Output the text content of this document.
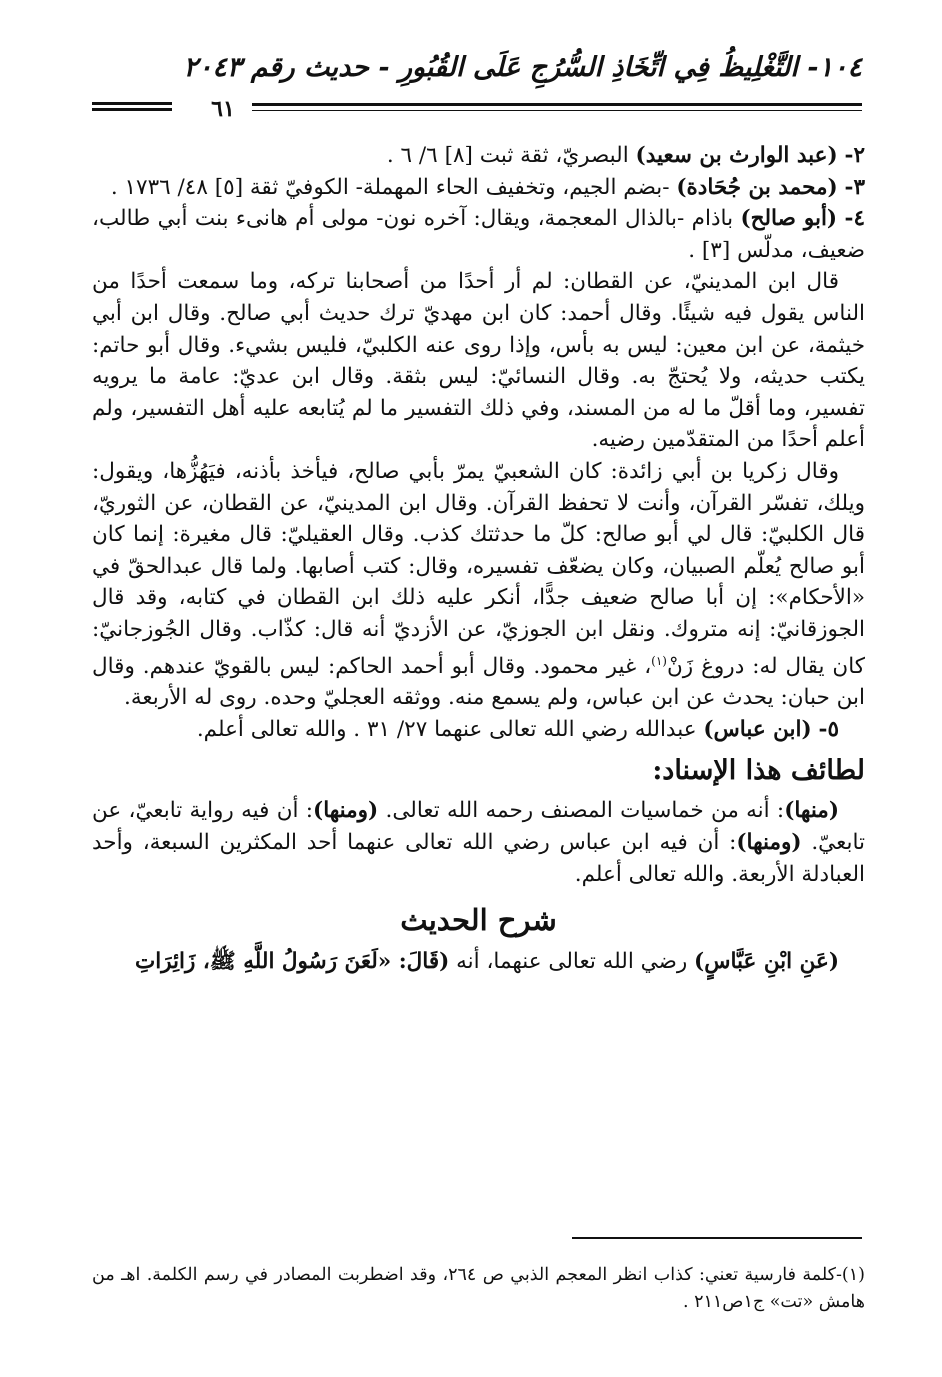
١٠٤- التَّغْلِيظُ فِي اتِّخَاذِ السُّرُجِ عَلَى القُبُورِ - حديث رقم ٢٠٤٣
٦١

٢- (عبد الوارث بن سعيد) البصريّ، ثقة ثبت [٨] ٦/ ٦ .

٣- (محمد بن جُحَادة) -بضم الجيم، وتخفيف الحاء المهملة- الكوفيّ ثقة [٥] ٤٨/ ١٧٣٦ .

٤- (أبو صالح) باذام -بالذال المعجمة، ويقال: آخره نون- مولى أم هانىء بنت أبي طالب، ضعيف، مدلّس [٣] .

قال ابن المدينيّ، عن القطان: لم أر أحدًا من أصحابنا تركه، وما سمعت أحدًا من الناس يقول فيه شيئًا. وقال أحمد: كان ابن مهديّ ترك حديث أبي صالح. وقال ابن أبي خيثمة، عن ابن معين: ليس به بأس، وإذا روى عنه الكلبيّ، فليس بشيء. وقال أبو حاتم: يكتب حديثه، ولا يُحتجّ به. وقال النسائيّ: ليس بثقة. وقال ابن عديّ: عامة ما يرويه تفسير، وما أقلّ ما له من المسند، وفي ذلك التفسير ما لم يُتابعه عليه أهل التفسير، ولم أعلم أحدًا من المتقدّمين رضيه.

وقال زكريا بن أبي زائدة: كان الشعبيّ يمرّ بأبي صالح، فيأخذ بأذنه، فيَهُزُّها، ويقول: ويلك، تفسّر القرآن، وأنت لا تحفظ القرآن. وقال ابن المدينيّ، عن القطان، عن الثوريّ، قال الكلبيّ: قال لي أبو صالح: كلّ ما حدثتك كذب. وقال العقيليّ: قال مغيرة: إنما كان أبو صالح يُعلّم الصبيان، وكان يضعّف تفسيره، وقال: كتب أصابها. ولما قال عبدالحقّ في «الأحكام»: إن أبا صالح ضعيف جدًّا، أنكر عليه ذلك ابن القطان في كتابه، وقد قال الجوزقانيّ: إنه متروك. ونقل ابن الجوزيّ، عن الأزديّ أنه قال: كذّاب. وقال الجُوزجانيّ: كان يقال له: دروغ زَنْ$^{(١)}$، غير محمود. وقال أبو أحمد الحاكم: ليس بالقويّ عندهم. وقال ابن حبان: يحدث عن ابن عباس، ولم يسمع منه. ووثقه العجليّ وحده. روى له الأربعة.

٥- (ابن عباس) عبدالله رضي الله تعالى عنهما ٢٧/ ٣١ . والله تعالى أعلم.

لطائف هذا الإسناد:

(منها): أنه من خماسيات المصنف رحمه الله تعالى. (ومنها): أن فيه رواية تابعيّ، عن تابعيّ. (ومنها): أن فيه ابن عباس رضي الله تعالى عنهما أحد المكثرين السبعة، وأحد العبادلة الأربعة. والله تعالى أعلم.

شرح الحديث

(عَنِ ابْنِ عَبَّاسٍ) رضي الله تعالى عنهما، أنه (قَالَ: «لَعَنَ رَسُولُ اللَّهِ ﷺ، زَائِرَاتِ

(١)-كلمة فارسية تعني: كذاب انظر المعجم الذبي ص ٢٦٤، وقد اضطربت المصادر في رسم الكلمة. اهـ من هامش «تت» ج١ص٢١١ .
